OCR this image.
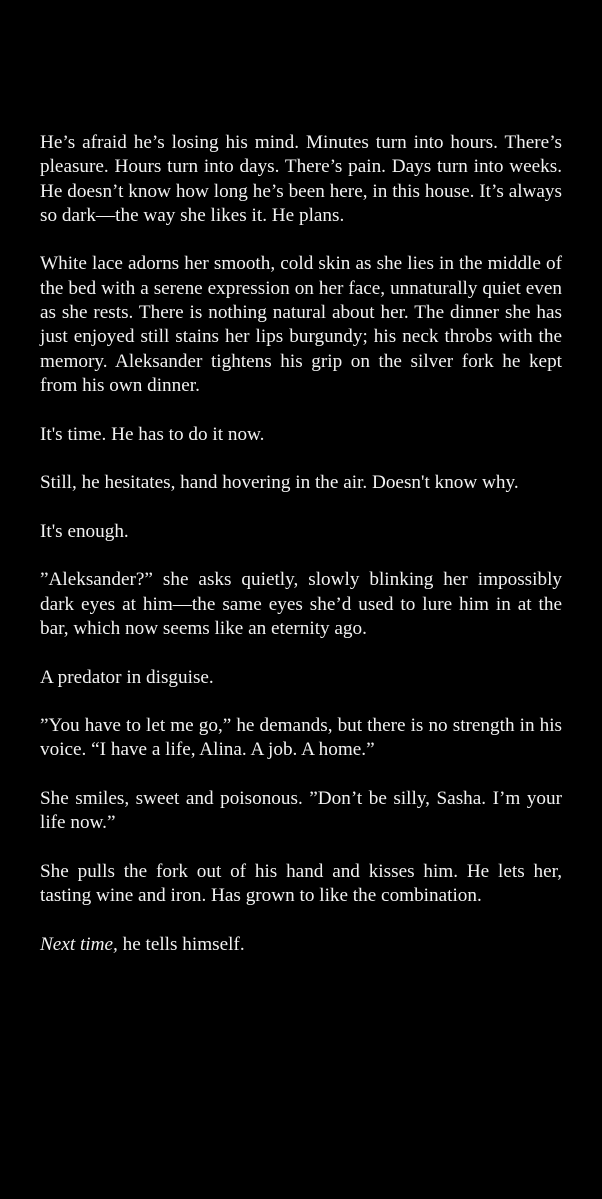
He’s afraid he’s losing his mind. Minutes turn into hours. There’s pleasure. Hours turn into days. There’s pain. Days turn into weeks. He doesn’t know how long he’s been here, in this house. It’s always so dark—the way she likes it. He plans.

White lace adorns her smooth, cold skin as she lies in the middle of the bed with a serene expression on her face, unnaturally quiet even as she rests. There is nothing natural about her. The dinner she has just enjoyed still stains her lips burgundy; his neck throbs with the memory. Aleksander tightens his grip on the silver fork he kept from his own dinner.

It's time. He has to do it now.

Still, he hesitates, hand hovering in the air. Doesn't know why.

It's enough.

”Aleksander?” she asks quietly, slowly blinking her impossibly dark eyes at him—the same eyes she’d used to lure him in at the bar, which now seems like an eternity ago.

A predator in disguise.

”You have to let me go,” he demands, but there is no strength in his voice. “I have a life, Alina. A job. A home.”

She smiles, sweet and poisonous. ”Don’t be silly, Sasha. I’m your life now.”

She pulls the fork out of his hand and kisses him. He lets her, tasting wine and iron. Has grown to like the combination.

Next time, he tells himself.
